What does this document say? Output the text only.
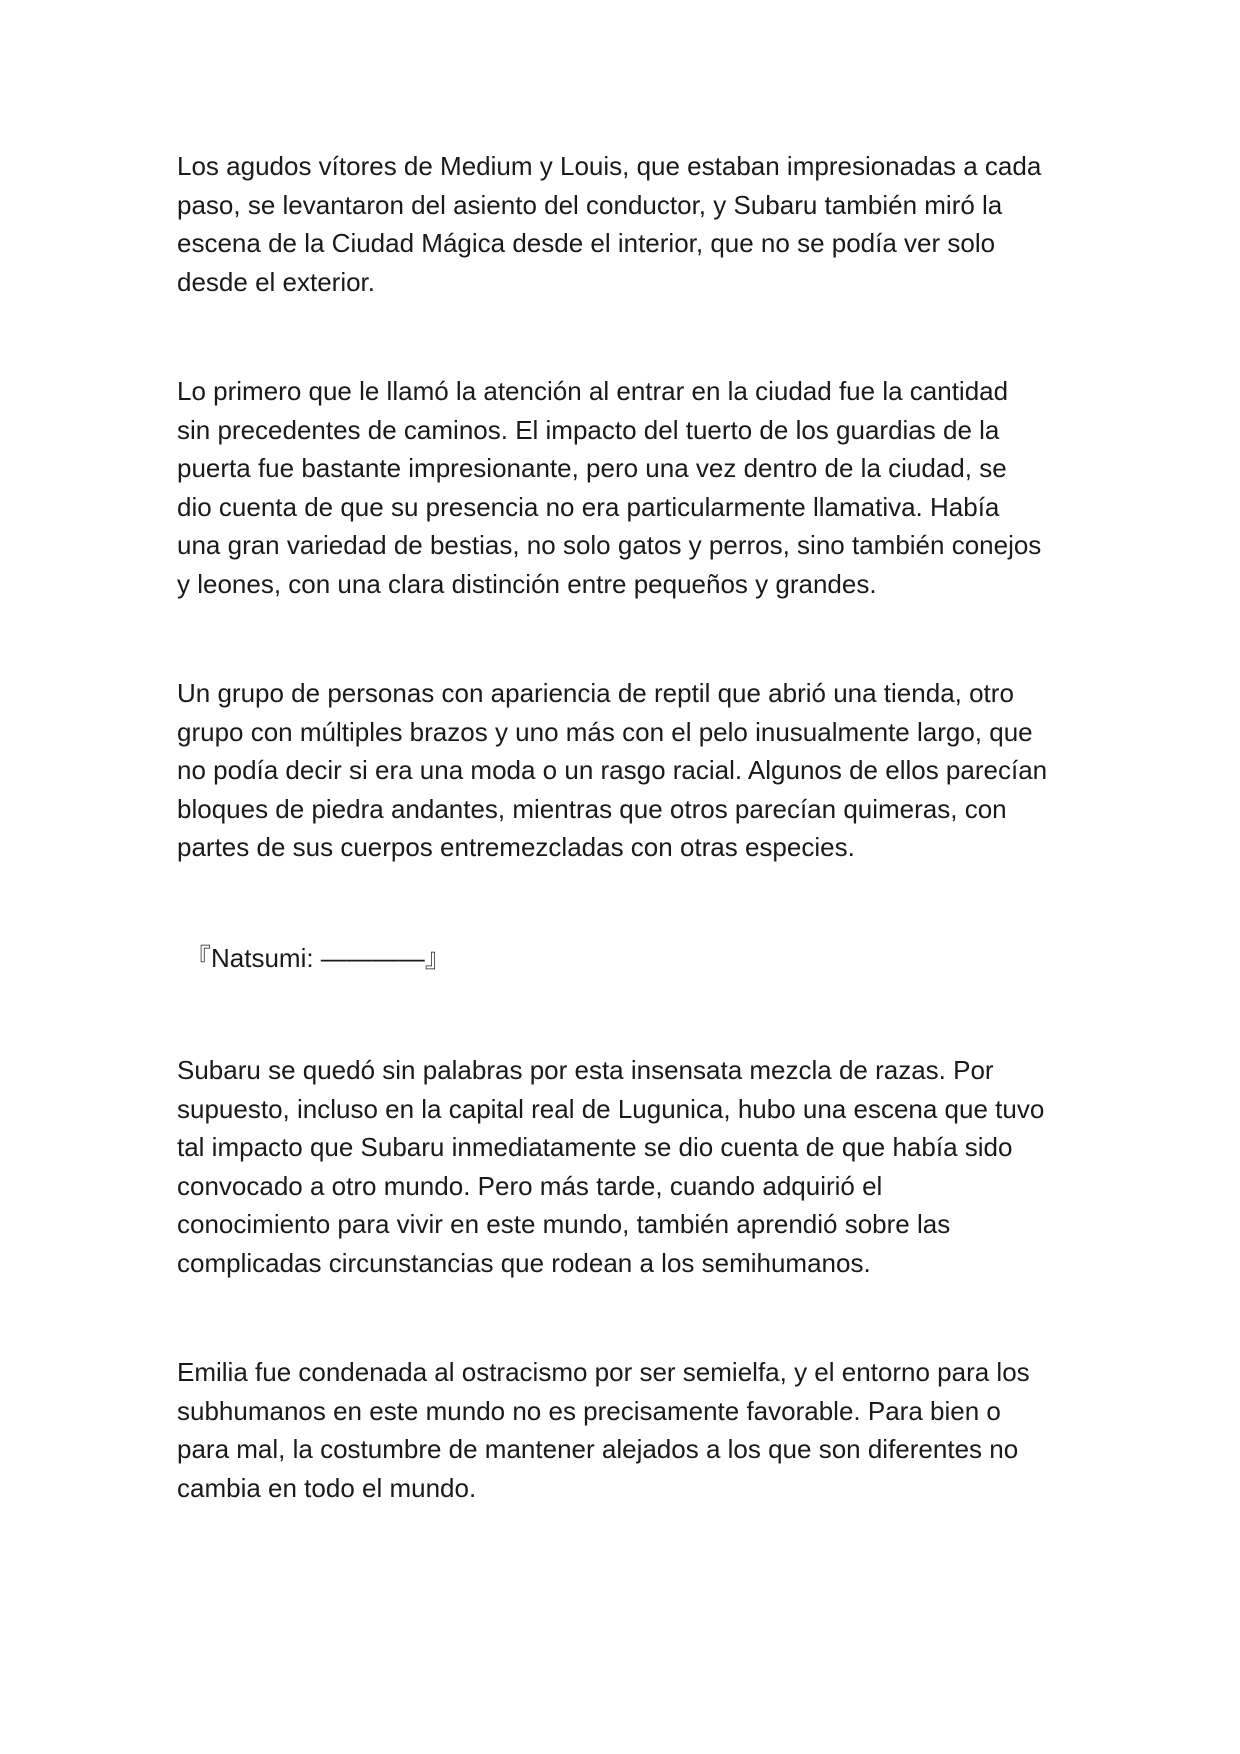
Los agudos vítores de Medium y Louis, que estaban impresionadas a cada
paso, se levantaron del asiento del conductor, y Subaru también miró la
escena de la Ciudad Mágica desde el interior, que no se podía ver solo
desde el exterior.

Lo primero que le llamó la atención al entrar en la ciudad fue la cantidad
sin precedentes de caminos. El impacto del tuerto de los guardias de la
puerta fue bastante impresionante, pero una vez dentro de la ciudad, se
dio cuenta de que su presencia no era particularmente llamativa. Había
una gran variedad de bestias, no solo gatos y perros, sino también conejos
y leones, con una clara distinción entre pequeños y grandes.

Un grupo de personas con apariencia de reptil que abrió una tienda, otro
grupo con múltiples brazos y uno más con el pelo inusualmente largo, que
no podía decir si era una moda o un rasgo racial. Algunos de ellos parecían
bloques de piedra andantes, mientras que otros parecían quimeras, con
partes de sus cuerpos entremezcladas con otras especies.

『Natsumi: ————』

Subaru se quedó sin palabras por esta insensata mezcla de razas. Por
supuesto, incluso en la capital real de Lugunica, hubo una escena que tuvo
tal impacto que Subaru inmediatamente se dio cuenta de que había sido
convocado a otro mundo. Pero más tarde, cuando adquirió el
conocimiento para vivir en este mundo, también aprendió sobre las
complicadas circunstancias que rodean a los semihumanos.

Emilia fue condenada al ostracismo por ser semielfa, y el entorno para los
subhumanos en este mundo no es precisamente favorable. Para bien o
para mal, la costumbre de mantener alejados a los que son diferentes no
cambia en todo el mundo.
